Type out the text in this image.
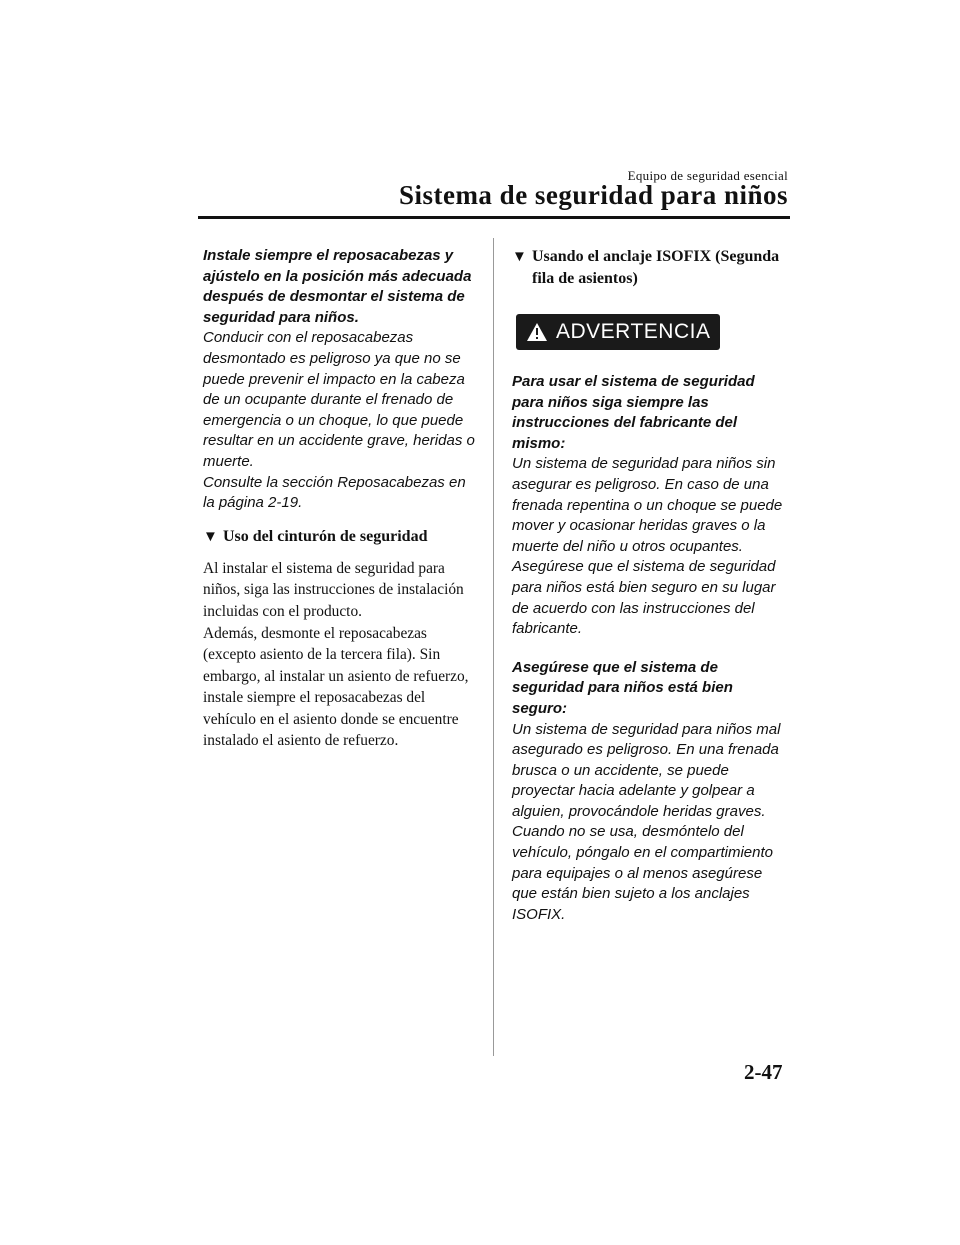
Equipo de seguridad esencial
Sistema de seguridad para niños

Instale siempre el reposacabezas y ajústelo en la posición más adecuada después de desmontar el sistema de seguridad para niños.

Conducir con el reposacabezas desmontado es peligroso ya que no se puede prevenir el impacto en la cabeza de un ocupante durante el frenado de emergencia o un choque, lo que puede resultar en un accidente grave, heridas o muerte.

Consulte la sección Reposacabezas en la página 2-19.

▼ Uso del cinturón de seguridad

Al instalar el sistema de seguridad para niños, siga las instrucciones de instalación incluidas con el producto.

Además, desmonte el reposacabezas (excepto asiento de la tercera fila). Sin embargo, al instalar un asiento de refuerzo, instale siempre el reposacabezas del vehículo en el asiento donde se encuentre instalado el asiento de refuerzo.

▼ Usando el anclaje ISOFIX (Segunda fila de asientos)
ADVERTENCIA

Para usar el sistema de seguridad para niños siga siempre las instrucciones del fabricante del mismo:

Un sistema de seguridad para niños sin asegurar es peligroso. En caso de una frenada repentina o un choque se puede mover y ocasionar heridas graves o la muerte del niño u otros ocupantes. Asegúrese que el sistema de seguridad para niños está bien seguro en su lugar de acuerdo con las instrucciones del fabricante.

Asegúrese que el sistema de seguridad para niños está bien seguro:

Un sistema de seguridad para niños mal asegurado es peligroso. En una frenada brusca o un accidente, se puede proyectar hacia adelante y golpear a alguien, provocándole heridas graves. Cuando no se usa, desmóntelo del vehículo, póngalo en el compartimiento para equipajes o al menos asegúrese que están bien sujeto a los anclajes ISOFIX.

2-47
